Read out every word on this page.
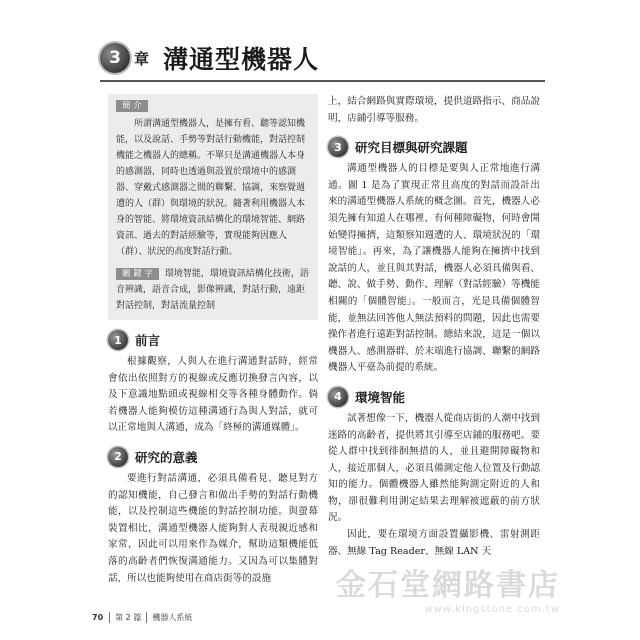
3 章 溝通型機器人
簡 介

所謂溝通型機器人，是擁有看、聽等認知機能，以及說話、手勢等對話行動機能，對話控制機能之機器人的總稱。不單只是溝通機器人本身的感測器，同時也透過與設置於環境中的感測器、穿戴式感測器之間的聯繫、協調，來察覺週遭的人（群）與環境的狀況。隨著利用機器人本身的智能、將環境資訊結構化的環境智能、網路資訊、過去的對話經驗等，實現能夠因應人（群）、狀況的高度對話行動。

關 鍵 字 環境智能，環境資訊結構化技術，語音辨識，語音合成，影像辨識，對話行動，遠距對話控制，對話流量控制

1	前言

根據觀察，人與人在進行溝通對話時，經常會依出依照對方的視線或反應切換發言內容，以及下意識地點頭或視線相交等各種身體動作。倘若機器人能夠模仿這種溝通行為與人對話，就可以正常地與人溝通，成為「終極的溝通媒體」。

2	研究的意義

要進行對話溝通，必須具備看見、聽見對方的認知機能，自己發言和做出手勢的對話行動機能，以及控制這些機能的對話控制功能。與螢幕裝置相比，溝通型機器人能夠對人表現親近感和家常，因此可以用來作為媒介，幫助這類機能低落的高齡者們恢復溝通能力。又因為可以集體對話，所以也能夠使用在商店街等的設施

上，結合網路與實際環境，提供道路指示、商品說明，店鋪引導等服務。

3	研究目標與研究課題

溝通型機器人的目標是要與人正常地進行溝通。圖 1 是為了實現正常且高度的對話而設計出來的溝通型機器人系統的概念圖。首先，機器人必須先擁有知道人在哪裡、有何種障礙物，何時會開始變得擁擠，這類察知週遭的人、環境狀況的「環境智能」。再來，為了讓機器人能夠在擁擠中找到說話的人，並且與其對話，機器人必須具備與看、聽、說、做手勢、動作、理解（對話經驗）等機能相關的「個體智能」。一般而言，光是具備個體智能，並無法回答他人無法預料的問題，因此也需要操作者進行遠距對話控制。總結來說，這是一個以機器人、感測器群、於末端進行協調、聯繫的網路機器人平臺為前提的系統。

4	環境智能

試著想像一下，機器人從商店街的人潮中找到迷路的高齡者，提供將其引導至店鋪的服務吧。要從人群中找到徘徊無措的人，並且避開障礙物和人，接近那個人，必須具備測定他人位置及行動認知的能力。個體機器人雖然能夠測定附近的人和物，卻很難利用測定結果去理解被遮蔽的前方狀況。

因此，要在環境方面設置攝影機、雷射測距器、無線 Tag Reader、無線 LAN 天

70	第 2 篇	機器人系統
金石堂網路書店
www.kingstone.com.tw
